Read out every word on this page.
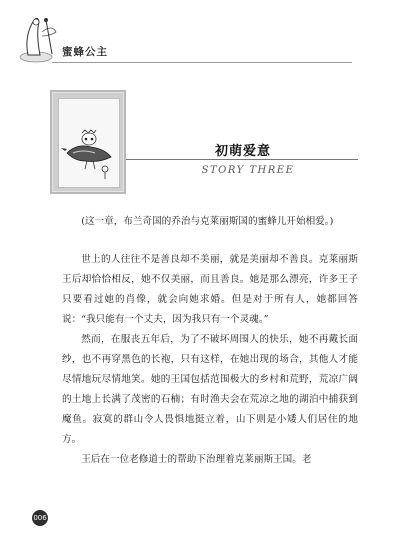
蜜蜂公主
初萌爱意
STORY THREE

(这一章，布兰奇国的乔治与克莱丽斯国的蜜蜂儿开始相爱。)

世上的人往往不是善良却不美丽，就是美丽却不善良。克莱丽斯王后却恰恰相反，她不仅美丽，而且善良。她是那么漂亮，许多王子只要看过她的肖像，就会向她求婚。但是对于所有人，她都回答说：“我只能有一个丈夫，因为我只有一个灵魂。”

然而，在服丧五年后，为了不破坏周围人的快乐，她不再戴长面纱，也不再穿黑色的长袍，只有这样，在她出现的场合，其他人才能尽情地玩尽情地笑。她的王国包括范围极大的乡村和荒野，荒凉广阔的土地上长满了茂密的石楠；有时渔夫会在荒凉之地的湖泊中捕获到魔鱼。寂寞的群山令人畏惧地挺立着，山下则是小矮人们居住的地方。

王后在一位老修道士的帮助下治理着克莱丽斯王国。老

006
